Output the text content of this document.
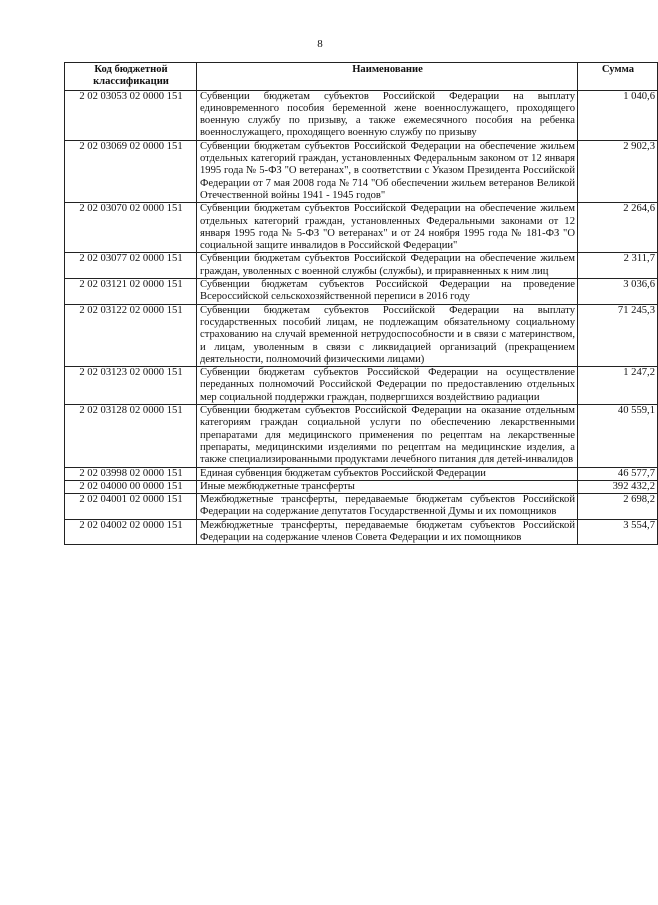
8
Код бюджетной классификации	Наименование	Сумма
2 02 03053 02 0000 151	Субвенции бюджетам субъектов Российской Федерации на выплату единовременного пособия беременной жене военнослужащего, проходящего военную службу по призыву, а также ежемесячного пособия на ребенка военнослужащего, проходящего военную службу по призыву	1 040,6
2 02 03069 02 0000 151	Субвенции бюджетам субъектов Российской Федерации на обеспечение жильем отдельных категорий граждан, установленных Федеральным законом от 12 января 1995 года № 5-ФЗ "О ветеранах", в соответствии с Указом Президента Российской Федерации от 7 мая 2008 года № 714 "Об обеспечении жильем ветеранов Великой Отечественной войны 1941 - 1945 годов"	2 902,3
2 02 03070 02 0000 151	Субвенции бюджетам субъектов Российской Федерации на обеспечение жильем отдельных категорий граждан, установленных Федеральными законами от 12 января 1995 года № 5-ФЗ "О ветеранах" и от 24 ноября 1995 года № 181-ФЗ "О социальной защите инвалидов в Российской Федерации"	2 264,6
2 02 03077 02 0000 151	Субвенции бюджетам субъектов Российской Федерации на обеспечение жильем граждан, уволенных с военной службы (службы), и приравненных к ним лиц	2 311,7
2 02 03121 02 0000 151	Субвенции бюджетам субъектов Российской Федерации на проведение Всероссийской сельскохозяйственной переписи в 2016 году	3 036,6
2 02 03122 02 0000 151	Субвенции бюджетам субъектов Российской Федерации на выплату государственных пособий лицам, не подлежащим обязательному социальному страхованию на случай временной нетрудоспособности и в связи с материнством, и лицам, уволенным в связи с ликвидацией организаций (прекращением деятельности, полномочий физическими лицами)	71 245,3
2 02 03123 02 0000 151	Субвенции бюджетам субъектов Российской Федерации на осуществление переданных полномочий Российской Федерации по предоставлению отдельных мер социальной поддержки граждан, подвергшихся воздействию радиации	1 247,2
2 02 03128 02 0000 151	Субвенции бюджетам субъектов Российской Федерации на оказание отдельным категориям граждан социальной услуги по обеспечению лекарственными препаратами для медицинского применения по рецептам на лекарственные препараты, медицинскими изделиями по рецептам на медицинские изделия, а также специализированными продуктами лечебного питания для детей-инвалидов	40 559,1
2 02 03998 02 0000 151	Единая субвенция бюджетам субъектов Российской Федерации	46 577,7
2 02 04000 00 0000 151	Иные межбюджетные трансферты	392 432,2
2 02 04001 02 0000 151	Межбюджетные трансферты, передаваемые бюджетам субъектов Российской Федерации на содержание депутатов Государственной Думы и их помощников	2 698,2
2 02 04002 02 0000 151	Межбюджетные трансферты, передаваемые бюджетам субъектов Российской Федерации на содержание членов Совета Федерации и их помощников	3 554,7
